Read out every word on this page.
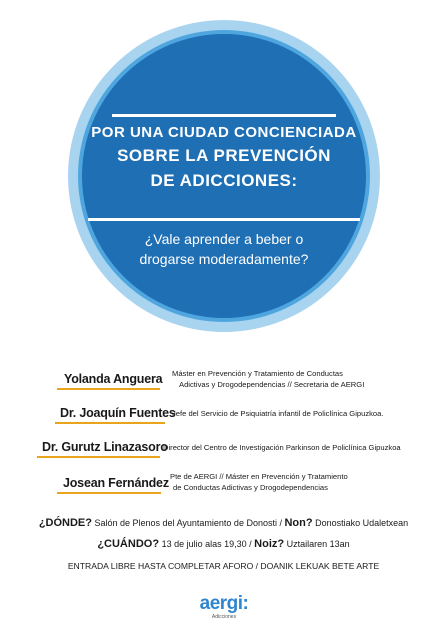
POR UNA CIUDAD CONCIENCIADA
SOBRE LA PREVENCIÓN
DE ADICCIONES:
¿Vale aprender a beber o
drogarse moderadamente?
Yolanda Anguera Máster en Prevención y Tratamiento de Conductas
Adictivas y Drogodependencias // Secretaria de AERGI
Dr. Joaquín Fuentes
Jefe del Servicio de Psiquiatría infantil de Policlínica Gipuzkoa.
Dr. Gurutz Linazasoro
Director del Centro de Investigación Parkinson de Policlínica Gipuzkoa
Josean Fernández Pte de AERGI // Máster en Prevención y Tratamiento
de Conductas Adictivas y Drogodependencias
¿DÓNDE? Salón de Plenos del Ayuntamiento de Donosti / Non? Donostiako Udaletxean
¿CUÁNDO? 13 de julio alas 19,30 / Noiz? Uztailaren 13an
ENTRADA LIBRE HASTA COMPLETAR AFORO / DOANIK LEKUAK BETE ARTE
aergi:
Adicciones
